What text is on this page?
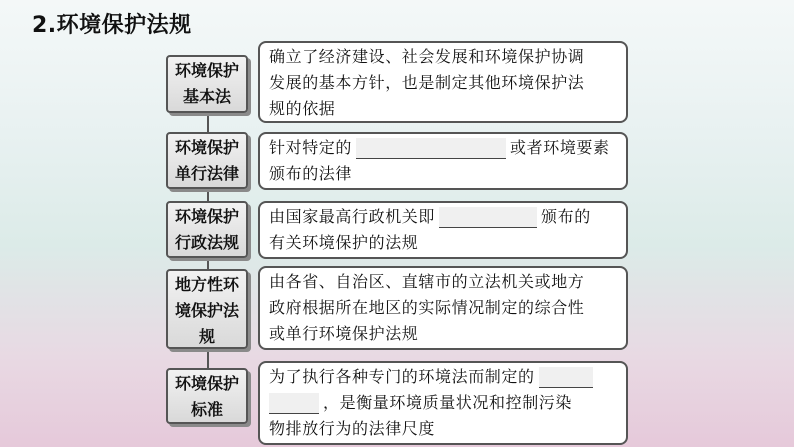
2.环境保护法规
环境保护
基本法
确立了经济建设、社会发展和环境保护协调
发展的基本方针，也是制定其他环境保护法
规的依据
环境保护
单行法律
针对特定的	或者环境要素
颁布的法律
环境保护
行政法规
由国家最高行政机关即	颁布的
有关环境保护的法规
地方性环
境保护法
规
由各省、自治区、直辖市的立法机关或地方
政府根据所在地区的实际情况制定的综合性
或单行环境保护法规
环境保护
标准
为了执行各种专门的环境法而制定的
，是衡量环境质量状况和控制污染
物排放行为的法律尺度
